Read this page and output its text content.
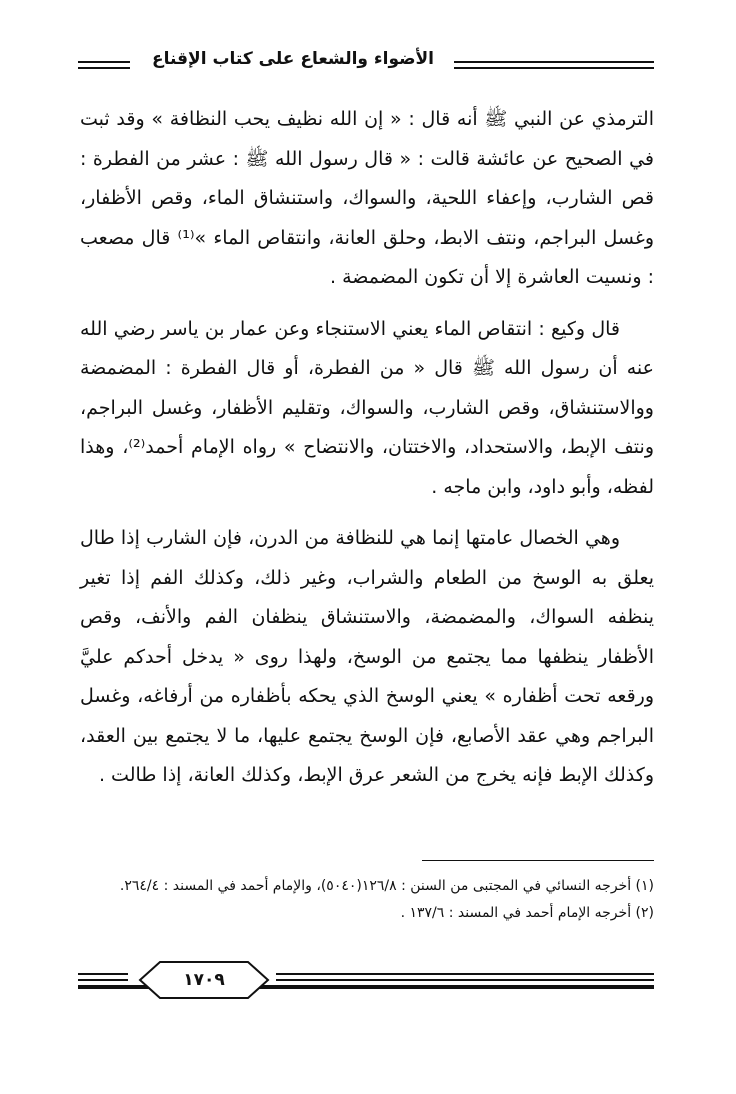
الأضواء والشعاع على كتاب الإقناع

الترمذي عن النبي ﷺ أنه قال : « إن الله نظيف يحب النظافة » وقد ثبت في الصحيح عن عائشة قالت : « قال رسول الله ﷺ : عشر من الفطرة : قص الشارب، وإعفاء اللحية، والسواك، واستنشاق الماء، وقص الأظفار، وغسل البراجم، ونتف الابط، وحلق العانة، وانتقاص الماء »⁽¹⁾ قال مصعب : ونسيت العاشرة إلا أن تكون المضمضة .

قال وكيع : انتقاص الماء يعني الاستنجاء وعن عمار بن ياسر رضي الله عنه أن رسول الله ﷺ قال « من الفطرة، أو قال الفطرة : المضمضة ووالاستنشاق، وقص الشارب، والسواك، وتقليم الأظفار، وغسل البراجم، ونتف الإبط، والاستحداد، والاختتان، والانتضاح » رواه الإمام أحمد⁽²⁾، وهذا لفظه، وأبو داود، وابن ماجه .

وهي الخصال عامتها إنما هي للنظافة من الدرن، فإن الشارب إذا طال يعلق به الوسخ من الطعام والشراب، وغير ذلك، وكذلك الفم إذا تغير ينظفه السواك، والمضمضة، والاستنشاق ينظفان الفم والأنف، وقص الأظفار ينظفها مما يجتمع من الوسخ، ولهذا روى « يدخل أحدكم عليَّ ورقعه تحت أظفاره » يعني الوسخ الذي يحكه بأظفاره من أرفاغه، وغسل البراجم وهي عقد الأصابع، فإن الوسخ يجتمع عليها، ما لا يجتمع بين العقد، وكذلك الإبط فإنه يخرج من الشعر عرق الإبط، وكذلك العانة، إذا طالت .

(١) أخرجه النسائي في المجتبى من السنن : ١٢٦/٨(٥٠٤٠)، والإمام أحمد في المسند : ٢٦٤/٤.

(٢) أخرجه الإمام أحمد في المسند : ١٣٧/٦ .

١٧٠٩
